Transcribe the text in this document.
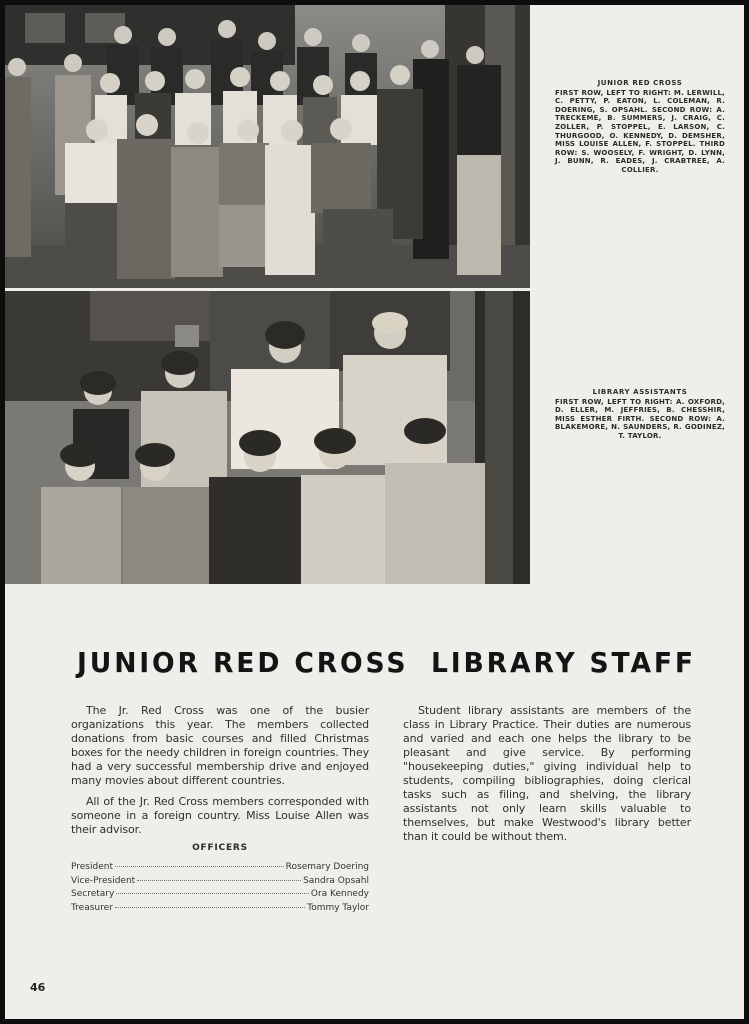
JUNIOR RED CROSS

FIRST ROW, LEFT TO RIGHT: M. LERWILL, C. PETTY, P. EATON, L. COLEMAN, R. DOERING, S. OPSAHL. SECOND ROW: A. TRECKEME, B. SUMMERS, J. CRAIG, C. ZOLLER, P. STOPPEL, E. LARSON, C. THURGOOD, O. KENNEDY, D. DEMSHER, MISS LOUISE ALLEN, F. STOPPEL. THIRD ROW: S. WOOSELY, F. WRIGHT, D. LYNN, J. BUNN, R. EADES, J. CRABTREE, A. COLLIER.

LIBRARY ASSISTANTS

FIRST ROW, LEFT TO RIGHT: A. OXFORD, D. ELLER, M. JEFFRIES, B. CHESSHIR, MISS ESTHER FIRTH. SECOND ROW: A. BLAKEMORE, N. SAUNDERS, R. GODINEZ, T. TAYLOR.

JUNIOR RED CROSS LIBRARY STAFF

The Jr. Red Cross was one of the busier organizations this year. The members collected donations from basic courses and filled Christmas boxes for the needy children in foreign countries. They had a very successful membership drive and enjoyed many movies about different countries.

All of the Jr. Red Cross members corresponded with someone in a foreign country. Miss Louise Allen was their advisor.

Student library assistants are members of the class in Library Practice. Their duties are numerous and varied and each one helps the library to be pleasant and give service. By performing "housekeeping duties," giving individual help to students, compiling bibliographies, doing clerical tasks such as filing, and shelving, the library assistants not only learn skills valuable to themselves, but make Westwood's library better than it could be without them.

OFFICERS
President	Rosemary Doering
Vice-President	Sandra Opsahl
Secretary	Ora Kennedy
Treasurer	Tommy Taylor
46
